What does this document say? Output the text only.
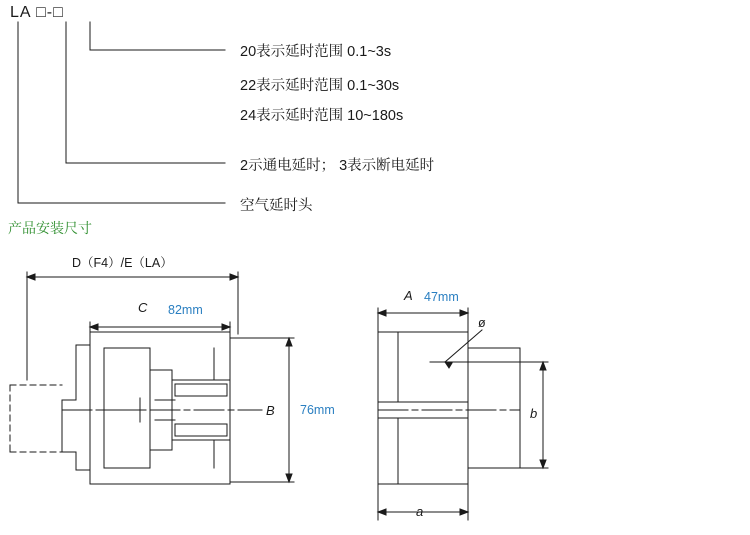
LA □-□
20表示延时范围 0.1~3s
22表示延时范围 0.1~30s
24表示延时范围 10~180s
2示通电延时； 3表示断电延时
空气延时头
产品安装尺寸
D（F4）/E（LA）
C 82mm
B 76mm
A 47mm
ø
b
a
